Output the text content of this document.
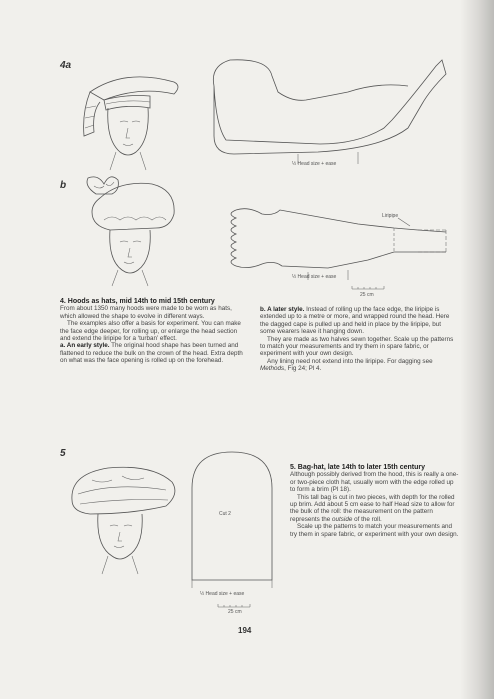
4a
½ Head size + ease
b
Liripipe
½ Head size + ease
25 cm

4. Hoods as hats, mid 14th to mid 15th century

From about 1350 many hoods were made to be worn as hats, which allowed the shape to evolve in different ways.

The examples also offer a basis for experiment. You can make the face edge deeper, for rolling up, or enlarge the head section and extend the liripipe for a ‘turban’ effect.

a. An early style. The original hood shape has been turned and flattened to reduce the bulk on the crown of the head. Extra depth on what was the face opening is rolled up on the forehead.

b. A later style. Instead of rolling up the face edge, the liripipe is extended up to a metre or more, and wrapped round the head. Here the dagged cape is pulled up and held in place by the liripipe, but some wearers leave it hanging down.

They are made as two halves sewn together. Scale up the patterns to match your measurements and try them in spare fabric, or experiment with your own design.

Any lining need not extend into the liripipe. For dagging see Methods, Fig 24; Pl 4.

5
Cut 2
½ Head size + ease
25 cm

5. Bag-hat, late 14th to later 15th century

Although possibly derived from the hood, this is really a one- or two-piece cloth hat, usually worn with the edge rolled up to form a brim (Pl 18).

This tall bag is cut in two pieces, with depth for the rolled up brim. Add about 5 cm ease to half Head size to allow for the bulk of the roll: the measurement on the pattern represents the outside of the roll.

Scale up the patterns to match your measurements and try them in spare fabric, or experiment with your own design.

194
